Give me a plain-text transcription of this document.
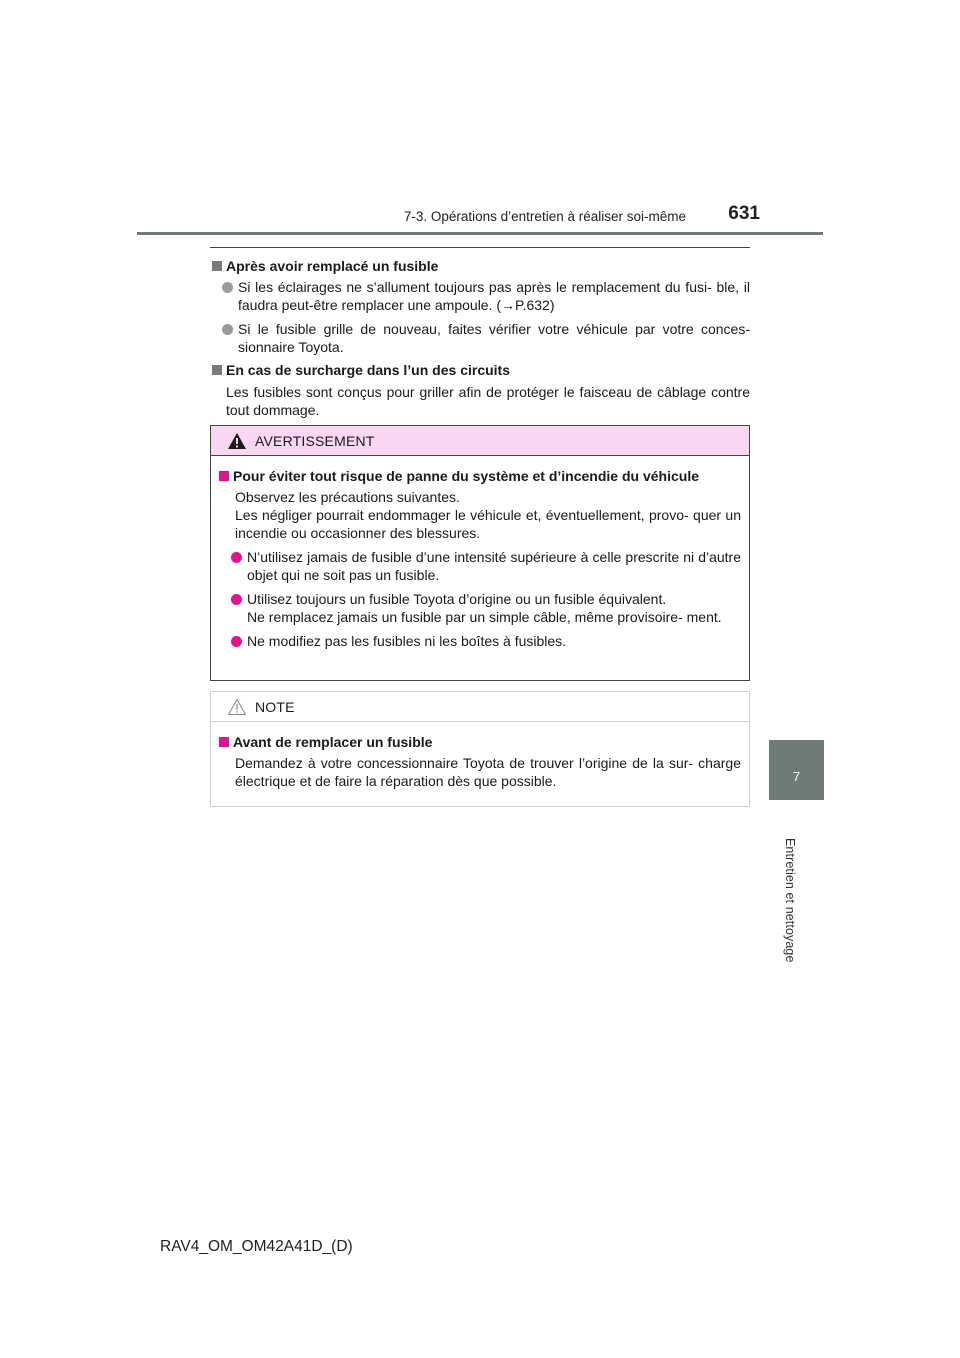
7-3. Opérations d’entretien à réaliser soi-même 631
7
Entretien et nettoyage
Après avoir remplacé un fusible
Si les éclairages ne s’allument toujours pas après le remplacement du fusi- ble, il faudra peut-être remplacer une ampoule. (→P.632)
Si le fusible grille de nouveau, faites vérifier votre véhicule par votre conces- sionnaire Toyota.
En cas de surcharge dans l’un des circuits
Les fusibles sont conçus pour griller afin de protéger le faisceau de câblage contre tout dommage.
AVERTISSEMENT
Pour éviter tout risque de panne du système et d’incendie du véhicule
Observez les précautions suivantes.
Les négliger pourrait endommager le véhicule et, éventuellement, provo- quer un incendie ou occasionner des blessures.
N’utilisez jamais de fusible d’une intensité supérieure à celle prescrite ni d’autre objet qui ne soit pas un fusible.
Utilisez toujours un fusible Toyota d’origine ou un fusible équivalent.
Ne remplacez jamais un fusible par un simple câble, même provisoire- ment.
Ne modifiez pas les fusibles ni les boîtes à fusibles.
NOTE
Avant de remplacer un fusible
Demandez à votre concessionnaire Toyota de trouver l’origine de la sur- charge électrique et de faire la réparation dès que possible.
RAV4_OM_OM42A41D_(D)
